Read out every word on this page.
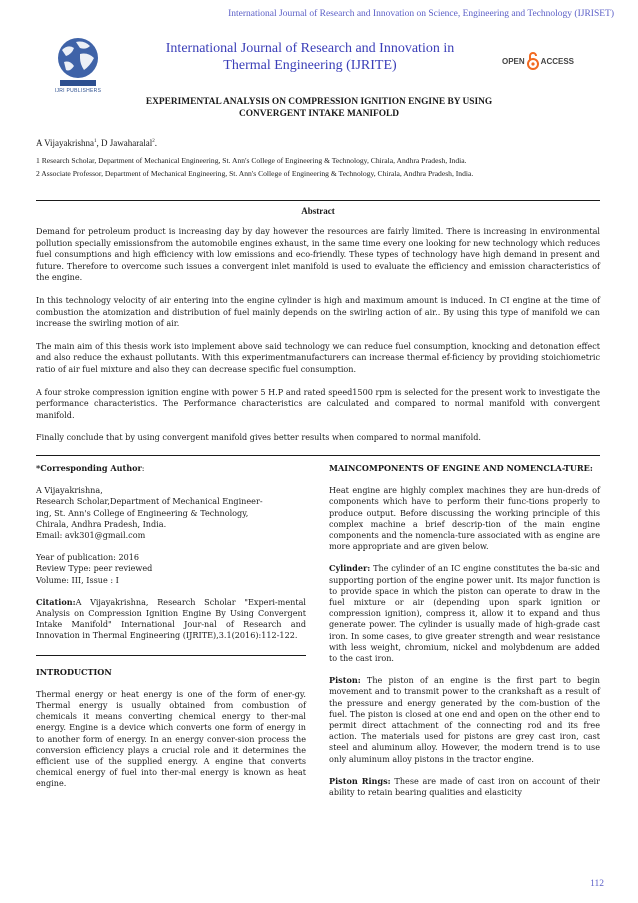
International Journal of Research and Innovation on Science, Engineering and Technology (IJRISET)
IJRI PUBLISHERS
International Journal of Research and Innovation in
Thermal Engineering (IJRITE)	OPEN ACCESS
EXPERIMENTAL ANALYSIS ON COMPRESSION IGNITION ENGINE BY USING
CONVERGENT INTAKE MANIFOLD
A Vijayakrishna$^1$, D Jawaharalal$^2$.
1 Research Scholar, Department of Mechanical Engineering, St. Ann's College of Engineering & Technology, Chirala, Andhra Pradesh, India.
2 Associate Professor, Department of Mechanical Engineering, St. Ann's College of Engineering & Technology, Chirala, Andhra Pradesh, India.
Abstract

Demand for petroleum product is increasing day by day however the resources are fairly limited. There is increasing in environmental pollution specially emissionsfrom the automobile engines exhaust, in the same time every one looking for new technology which reduces fuel consumptions and high efficiency with low emissions and eco-friendly. These types of technology have high demand in present and future. Therefore to overcome such issues a convergent inlet manifold is used to evaluate the efficiency and emission characteristics of the engine.

In this technology velocity of air entering into the engine cylinder is high and maximum amount is induced. In CI engine at the time of combustion the atomization and distribution of fuel mainly depends on the swirling action of air.. By using this type of manifold we can increase the swirling motion of air.

The main aim of this thesis work isto implement above said technology we can reduce fuel consumption, knocking and detonation effect and also reduce the exhaust pollutants. With this experimentmanufacturers can increase thermal ef-ficiency by providing stoichiometric ratio of air fuel mixture and also they can decrease specific fuel consumption.

A four stroke compression ignition engine with power 5 H.P and rated speed1500 rpm is selected for the present work to investigate the performance characteristics. The Performance characteristics are calculated and compared to normal manifold with convergent manifold.

Finally conclude that by using convergent manifold gives better results when compared to normal manifold.

*Corresponding Author:

A Vijayakrishna,

Research Scholar,Department of Mechanical Engineer-

ing, St. Ann's College of Engineering & Technology,

Chirala, Andhra Pradesh, India.

Email: avk301@gmail.com

Year of publication: 2016

Review Type: peer reviewed

Volume: III, Issue : I

Citation:A Vijayakrishna, Research Scholar "Experi-mental Analysis on Compression Ignition Engine By Using Convergent Intake Manifold" International Jour-nal of Research and Innovation in Thermal Engineering (IJRITE),3.1(2016):112-122.

INTRODUCTION

Thermal energy or heat energy is one of the form of ener-gy. Thermal energy is usually obtained from combustion of chemicals it means converting chemical energy to ther-mal energy. Engine is a device which converts one form of energy in to another form of energy. In an energy conver-sion process the conversion efficiency plays a crucial role and it determines the efficient use of the supplied energy. A engine that converts chemical energy of fuel into ther-mal energy is known as heat engine.

MAINCOMPONENTS OF ENGINE AND NOMENCLA-TURE:

Heat engine are highly complex machines they are hun-dreds of components which have to perform their func-tions properly to produce output. Before discussing the working principle of this complex machine a brief descrip-tion of the main engine components and the nomencla-ture associated with as engine are more appropriate and are given below.

Cylinder: The cylinder of an IC engine constitutes the ba-sic and supporting portion of the engine power unit. Its major function is to provide space in which the piston can operate to draw in the fuel mixture or air (depending upon spark ignition or compression ignition), compress it, allow it to expand and thus generate power. The cylinder is usually made of high-grade cast iron. In some cases, to give greater strength and wear resistance with less weight, chromium, nickel and molybdenum are added to the cast iron.

Piston: The piston of an engine is the first part to begin movement and to transmit power to the crankshaft as a result of the pressure and energy generated by the com-bustion of the fuel. The piston is closed at one end and open on the other end to permit direct attachment of the connecting rod and its free action. The materials used for pistons are grey cast iron, cast steel and aluminum alloy. However, the modern trend is to use only aluminum alloy pistons in the tractor engine.

Piston Rings: These are made of cast iron on account of their ability to retain bearing qualities and elasticity

112
